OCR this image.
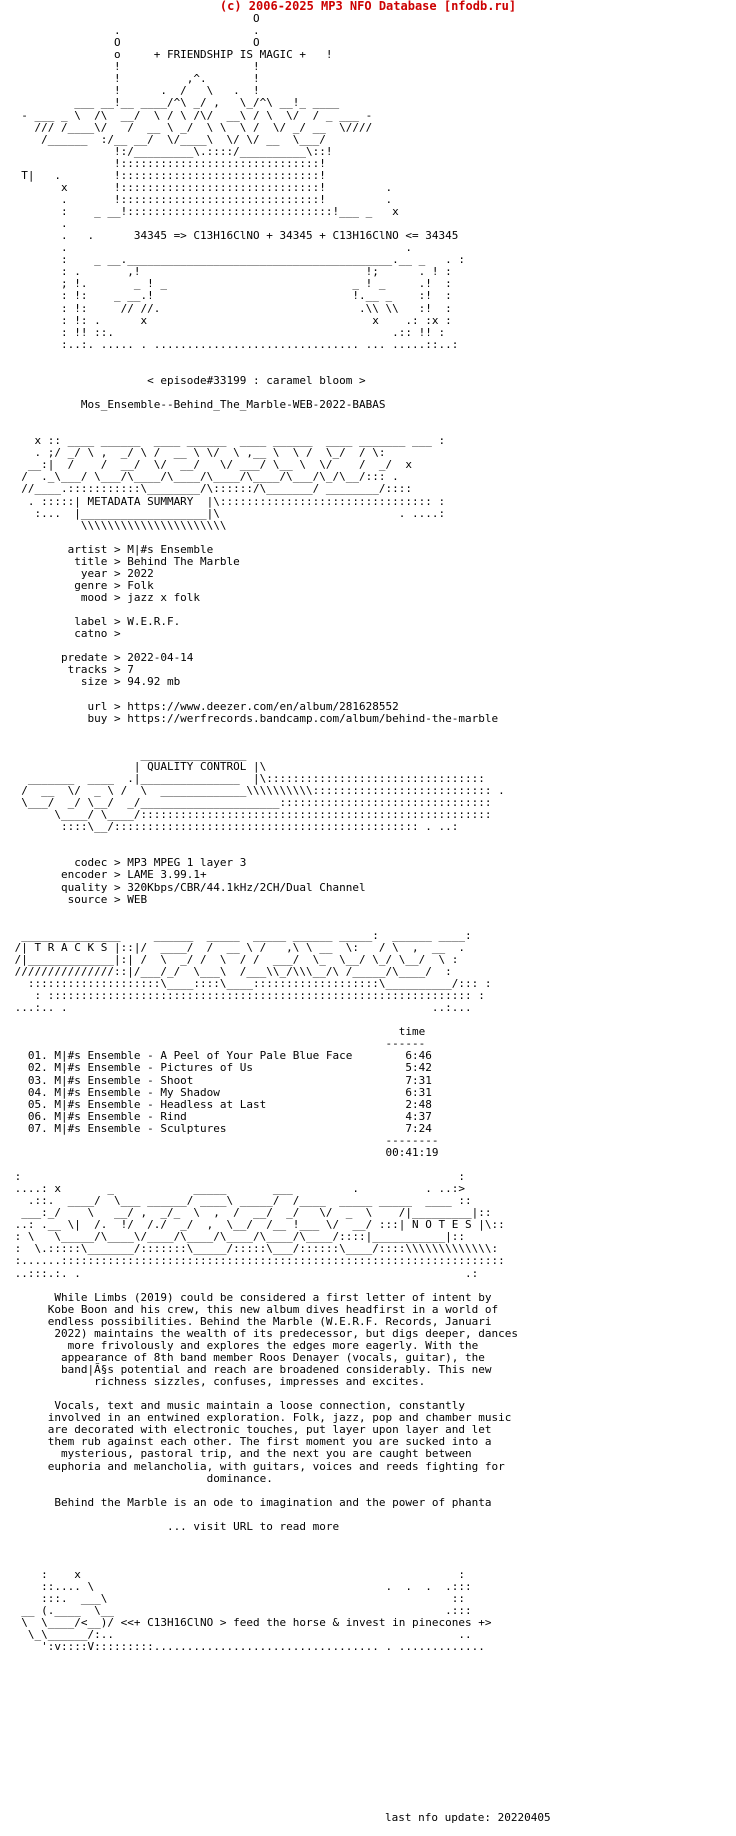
(c) 2006-2025 MP3 NFO Database [nfodb.ru]
O
.                    .
O                    O
o     + FRIENDSHIP IS MAGIC +   !
!                    !
!          ,^.       !
!      .  /   \   .  !
___ __!__ ____/^\ _/ ,   \_/^\ __!_ ____
- ___ _ \  /\  __/  \ / \ /\/  __\ / \  \/  / _ ___ -
/// /____\/   /  __ \ _/  \ \  \ /  \/ _/ __  \////
/______  :/__ __/  \/____\  \/ \/ __  \___/
!:/_________\.::::/__________\::!
!::::::::::::::::::::::::::::::!
T|   .        !::::::::::::::::::::::::::::::!
x       !::::::::::::::::::::::::::::::!         .
.       !::::::::::::::::::::::::::::::!         .
:    _ __!:::::::::::::::::::::::::::::::!___ _   x
.
.   .      34345 => C13H16ClNO + 34345 + C13H16ClNO <= 34345
.                                                   .
:    _ __.________________________________________.__ _   . :
: .       ,!                                  !;      . ! :
; !.       _ ! _                            _ ! _     .!  :
: !:    _ __.!                              !.__ _    :!  :
: !:     // //.                              .\\ \\   :!  :
: !: .      x                                  x    .: :x :
: !! ::.                                          .:: !! :
:..:. ..... . ............................... ... .....::..:

< episode#33199 : caramel bloom >

Mos_Ensemble--Behind_The_Marble-WEB-2022-BABAS

x :: ____ ______  ____ ______  ____ ______  ____ _______ ___ :
. ;/ _/ \ ,  _/ \ /  __ \ \/  \ ,__ \  \ /  \_/  / \:
__:|  /    /  __/  \/  __/   \/ ___/ \__ \  \/    /  _/  x
/  ._\___/ \___/\____/\____/\____/\____/\___/\_/\__/::: .
//____.:::::::::::\________/\::::::/\_______/ ________/::::
. :::::| METADATA SUMMARY  |\:::::::::::::::::::::::::::::::: :
:...  |___________________|\                           . ....:
\\\\\\\\\\\\\\\\\\\\\\

artist > M|#s Ensemble
title > Behind The Marble
year > 2022
genre > Folk
mood > jazz x folk

label > W.E.R.F.
catno >

predate > 2022-04-14
tracks > 7
size > 94.92 mb

url > https://www.deezer.com/en/album/281628552
buy > https://werfrecords.bandcamp.com/album/behind-the-marble

________________
| QUALITY CONTROL |\
_______  ____  .|_______________  |\:::::::::::::::::::::::::::::::::
/  __  \/  _ \ /  \  _____________\\\\\\\\\\::::::::::::::::::::::::::: .
\___/  _/ \__/  _/_____________________::::::::::::::::::::::::::::::::
\____/ \____/:::::::::::::::::::::::::::::::::::::::::::::::::::::
::::\__/:::::::::::::::::::::::::::::::::::::::::::::: . ..:

codec > MP3 MPEG 1 layer 3
encoder > LAME 3.99.1+
quality > 320Kbps/CBR/44.1kHz/2CH/Dual Channel
source > WEB

_______________     ______  _____  _____ ______ _____:  ______ ____:
/| T R A C K S |::|/  ____/  /  __ \ /   ,\ \ __  \:   / \  ,  __  .
/|_____________|:| /  \  _/ /  \  / /  ___/  \_  \__/ \_/ \__/  \ :
///////////////::|/___/_/  \___\  /___\\_/\\\__/\ /_____/\____/  :
::::::::::::::::::::\____::::\____:::::::::::::::::::\__________/::: :
: :::::::::::::::::::::::::::::::::::::::::::::::::::::::::::::::: :
...:.. .                                                       ..:...

time
------
01. M|#s Ensemble - A Peel of Your Pale Blue Face        6:46
02. M|#s Ensemble - Pictures of Us                       5:42
03. M|#s Ensemble - Shoot                                7:31
04. M|#s Ensemble - My Shadow                            6:31
05. M|#s Ensemble - Headless at Last                     2:48
06. M|#s Ensemble - Rind                                 4:37
07. M|#s Ensemble - Sculptures                           7:24
--------
00:41:19

:                                                                  :
....: x       _            _____       ___         .          . ..:>
.::.  ____/  \___ ______/ ____\ _____/  /____  _____ _____  ____ ::
___:_/    \   __/ ,  _/_  \  ,  /  __/  _/   \/  _  \    /|_________|::
..: .__ \|  /.  !/  /./  _/  ,  \__/  /__ !___ \/  __/ :::| N O T E S |\::
: \   \_____/\____\/____/\____/\____/\____/\____/::::|___________|::
:  \.:::::\_______/:::::::\_____/:::::\___/::::::\____/::::\\\\\\\\\\\\\:
:......:::::::::::::::::::::::::::::::::::::::::::::::::::::::::::::::::::
..:::.:. .                                                          .:

While Limbs (2019) could be considered a first letter of intent by
Kobe Boon and his crew, this new album dives headfirst in a world of
endless possibilities. Behind the Marble (W.E.R.F. Records, Januari
2022) maintains the wealth of its predecessor, but digs deeper, dances
more frivolously and explores the edges more eagerly. With the
appearance of 8th band member Roos Denayer (vocals, guitar), the
band|Ã§s potential and reach are broadened considerably. This new
richness sizzles, confuses, impresses and excites.

Vocals, text and music maintain a loose connection, constantly
involved in an entwined exploration. Folk, jazz, pop and chamber music
are decorated with electronic touches, put layer upon layer and let
them rub against each other. The first moment you are sucked into a
mysterious, pastoral trip, and the next you are caught between
euphoria and melancholia, with guitars, voices and reeds fighting for
dominance.

Behind the Marble is an ode to imagination and the power of phanta

... visit URL to read more

:    x                                                         :
::.... \                                            .  .  .  .:::
:::.  ___\                                                    ::
__ (.____  \__                                                  .:::
\  \____/<__)/ <<+ C13H16ClNO > feed the horse & invest in pinecones +>
\_\______/:..                                                    ..
':v::::V:::::::::.................................. . .............

last nfo update: 20220405
